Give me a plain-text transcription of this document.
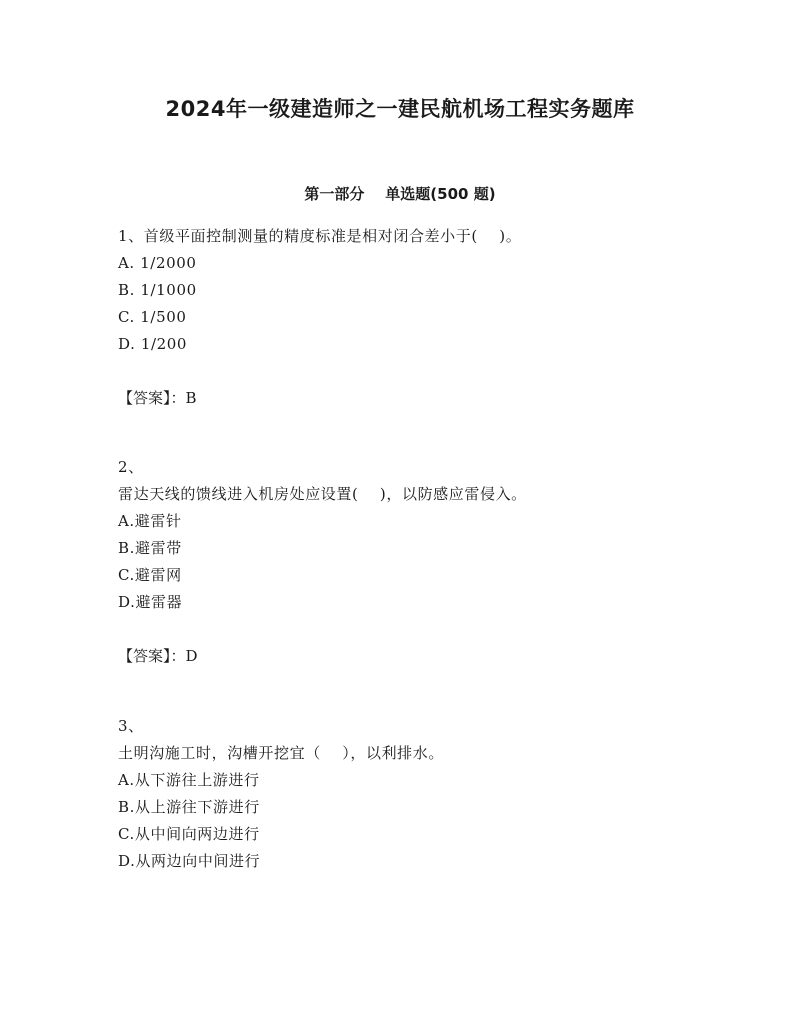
2024年一级建造师之一建民航机场工程实务题库
第一部分    单选题(500 题)
1、首级平面控制测量的精度标准是相对闭合差小于(    )。
A. 1/2000
B. 1/1000
C. 1/500
D. 1/200
【答案】：B
2、
雷达天线的馈线进入机房处应设置(    )，以防感应雷侵入。
A.避雷针
B.避雷带
C.避雷网
D.避雷器
【答案】：D
3、
土明沟施工时，沟槽开挖宜（    ），以利排水。
A.从下游往上游进行
B.从上游往下游进行
C.从中间向两边进行
D.从两边向中间进行
